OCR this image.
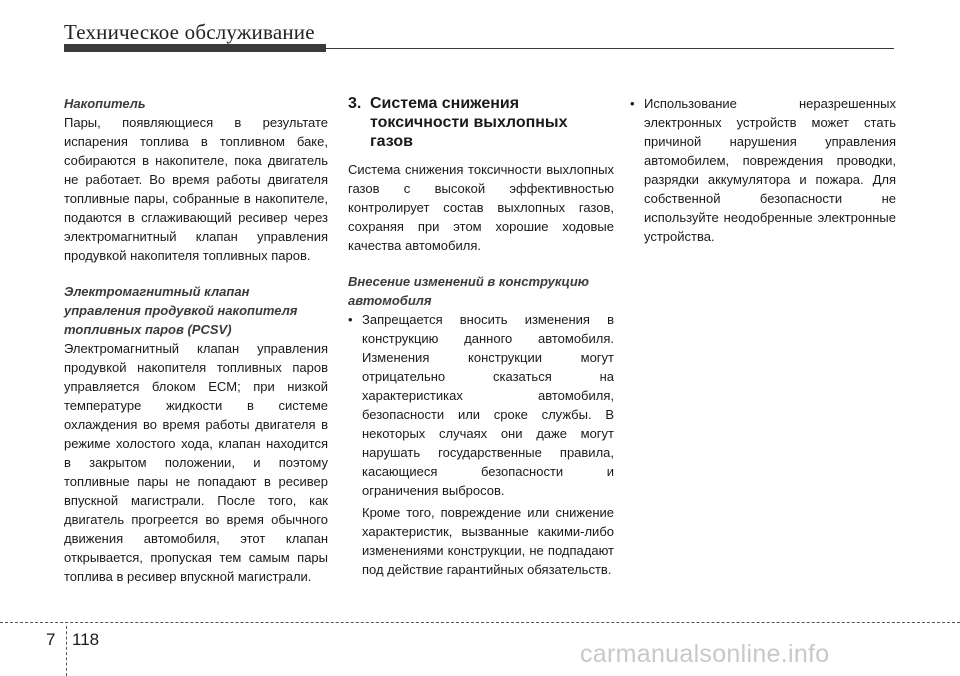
Техническое обслуживание

Накопитель

Пары, появляющиеся в результате испарения топлива в топливном баке, собираются в накопителе, пока двигатель не работает. Во время работы двигателя топливные пары, собранные в накопителе, подаются в сглаживающий ресивер через электромагнитный клапан управления продувкой накопителя топливных паров.

Электромагнитный клапан управления продувкой накопителя топливных паров (PCSV)

Электромагнитный клапан управления продувкой накопителя топливных паров управляется блоком ECM; при низкой температуре жидкости в системе охлаждения во время работы двигателя в режиме холостого хода, клапан находится в закрытом положении, и поэтому топливные пары не попадают в ресивер впускной магистрали. После того, как двигатель прогреется во время обычного движения автомобиля, этот клапан открывается, пропуская тем самым пары топлива в ресивер впускной магистрали.

3. Система снижения токсичности выхлопных газов

Система снижения токсичности выхлопных газов с высокой эффективностью контролирует состав выхлопных газов, сохраняя при этом хорошие ходовые качества автомобиля.

Внесение изменений в конструкцию автомобиля

• Запрещается вносить изменения в конструкцию данного автомобиля. Изменения конструкции могут отрицательно сказаться на характеристиках автомобиля, безопасности или сроке службы. В некоторых случаях они даже могут нарушать государственные правила, касающиеся безопасности и ограничения выбросов.

Кроме того, повреждение или снижение характеристик, вызванные какими-либо изменениями конструкции, не подпадают под действие гарантийных обязательств.

• Использование неразрешенных электронных устройств может стать причиной нарушения управления автомобилем, повреждения проводки, разрядки аккумулятора и пожара. Для собственной безопасности не используйте неодобренные электронные устройства.

7 118
carmanualsonline.info
